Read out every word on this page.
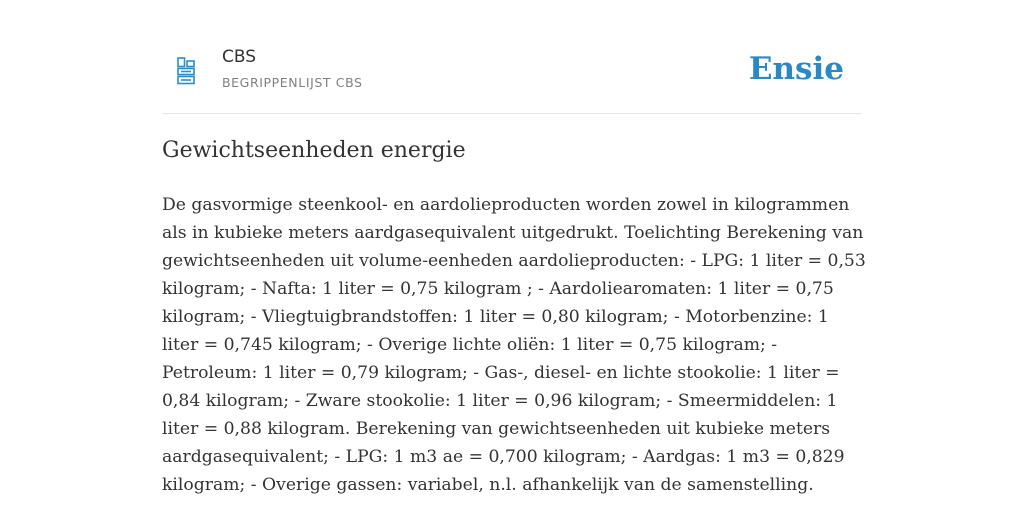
CBS
BEGRIPPENLIJST CBS	Ensie
Gewichtseenheden energie

De gasvormige steenkool- en aardolieproducten worden zowel in kilogrammen als in kubieke meters aardgasequivalent uitgedrukt. Toelichting Berekening van gewichtseenheden uit volume-eenheden aardolieproducten: - LPG: 1 liter = 0,53 kilogram; - Nafta: 1 liter = 0,75 kilogram ; - Aardoliearomaten: 1 liter = 0,75 kilogram; - Vliegtuigbrandstoffen: 1 liter = 0,80 kilogram; - Motorbenzine: 1 liter = 0,745 kilogram; - Overige lichte oliën: 1 liter = 0,75 kilogram; - Petroleum: 1 liter = 0,79 kilogram; - Gas-, diesel- en lichte stookolie: 1 liter = 0,84 kilogram; - Zware stookolie: 1 liter = 0,96 kilogram; - Smeermiddelen: 1 liter = 0,88 kilogram. Berekening van gewichtseenheden uit kubieke meters aardgasequivalent; - LPG: 1 m3 ae = 0,700 kilogram; - Aardgas: 1 m3 = 0,829 kilogram; - Overige gassen: variabel, n.l. afhankelijk van de samenstelling.
